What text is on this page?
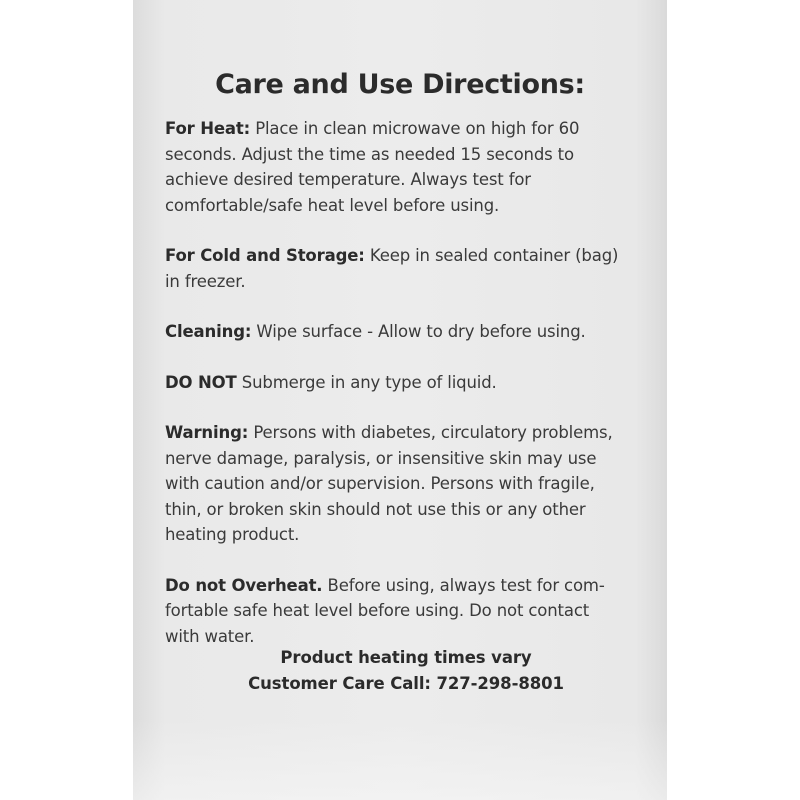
Care and Use Directions:

For Heat: Place in clean microwave on high for 60
seconds. Adjust the time as needed 15 seconds to
achieve desired temperature. Always test for
comfortable/safe heat level before using.

For Cold and Storage: Keep in sealed container (bag)
in freezer.

Cleaning: Wipe surface - Allow to dry before using.

DO NOT Submerge in any type of liquid.

Warning: Persons with diabetes, circulatory problems,
nerve damage, paralysis, or insensitive skin may use
with caution and/or supervision. Persons with fragile,
thin, or broken skin should not use this or any other
heating product.

Do not Overheat. Before using, always test for com-
fortable safe heat level before using. Do not contact
with water.

Product heating times vary
Customer Care Call: 727-298-8801
